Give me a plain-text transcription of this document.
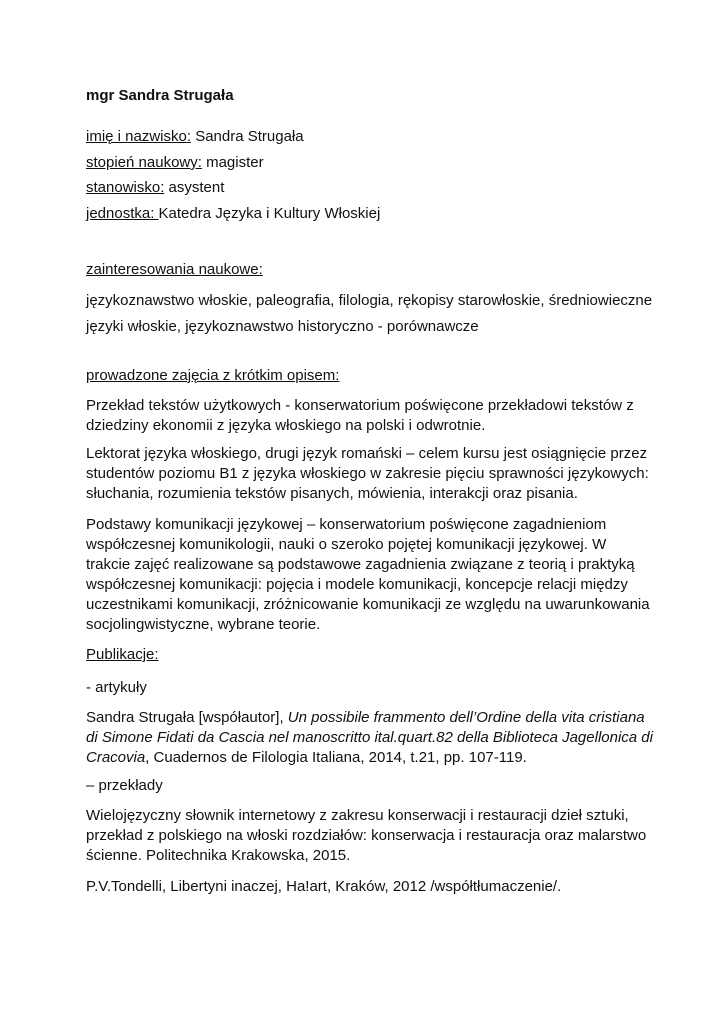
mgr Sandra Strugała

imię i nazwisko: Sandra Strugała

stopień naukowy: magister

stanowisko: asystent

jednostka: Katedra Języka i Kultury Włoskiej

zainteresowania naukowe:

językoznawstwo włoskie, paleografia, filologia, rękopisy starowłoskie, średniowieczne
języki włoskie, językoznawstwo historyczno - porównawcze

prowadzone zajęcia z krótkim opisem:

Przekład tekstów użytkowych - konserwatorium poświęcone przekładowi tekstów z
dziedziny ekonomii z języka włoskiego na polski i odwrotnie.
Lektorat języka włoskiego, drugi język romański – celem kursu jest osiągnięcie przez
studentów poziomu B1 z języka włoskiego w zakresie pięciu sprawności językowych:
słuchania, rozumienia tekstów pisanych, mówienia, interakcji oraz pisania.
Podstawy komunikacji językowej – konserwatorium poświęcone zagadnieniom
współczesnej komunikologii, nauki o szeroko pojętej komunikacji językowej. W
trakcie zajęć realizowane są podstawowe zagadnienia związane z teorią i praktyką
współczesnej komunikacji: pojęcia i modele komunikacji, koncepcje relacji między
uczestnikami komunikacji, zróżnicowanie komunikacji ze względu na uwarunkowania
socjolingwistyczne, wybrane teorie.

Publikacje:

- artykuły

Sandra Strugała [współautor], Un possibile frammento dell’Ordine della vita cristiana
di Simone Fidati da Cascia nel manoscritto ital.quart.82 della Biblioteca Jagellonica di
Cracovia, Cuadernos de Filologia Italiana, 2014, t.21, pp. 107-119.

– przekłady

Wielojęzyczny słownik internetowy z zakresu konserwacji i restauracji dzieł sztuki,
przekład z polskiego na włoski rozdziałów: konserwacja i restauracja oraz malarstwo
ścienne. Politechnika Krakowska, 2015.

P.V.Tondelli, Libertyni inaczej, Ha!art, Kraków, 2012 /współtłumaczenie/.
